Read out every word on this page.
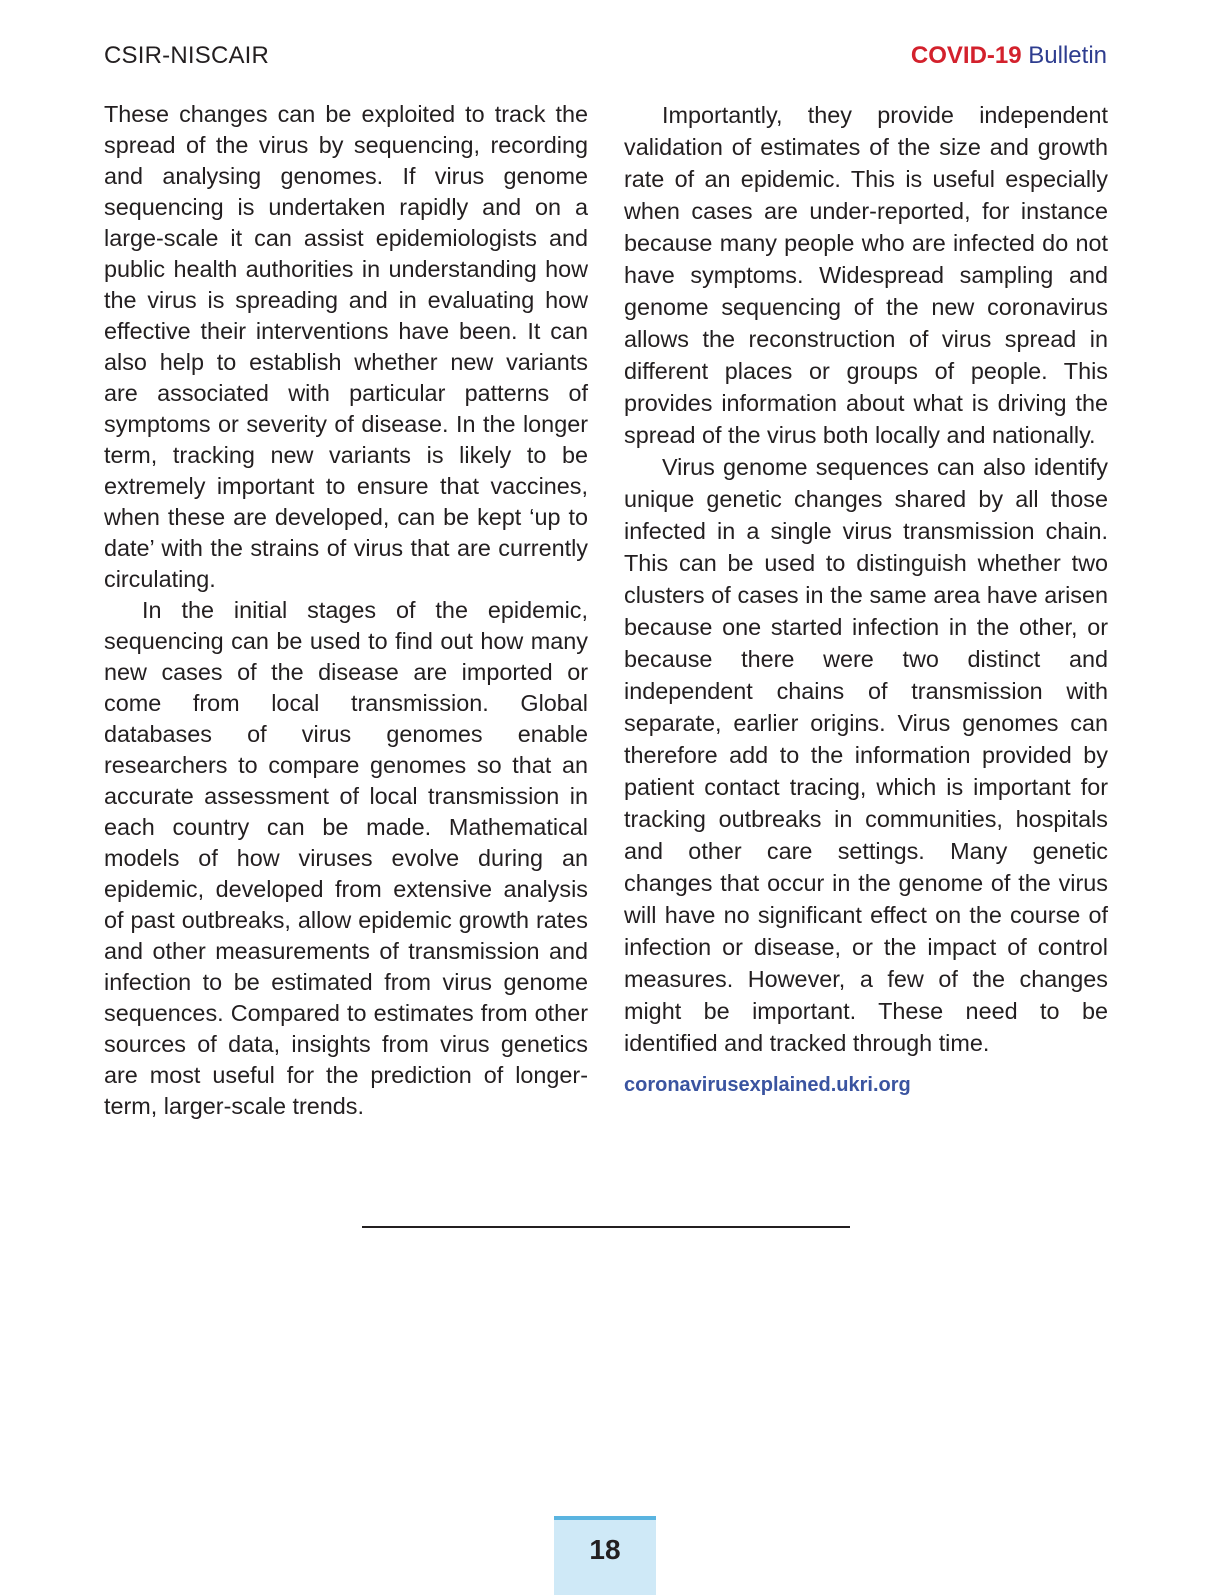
CSIR-NISCAIR	COVID-19 Bulletin

These changes can be exploited to track the spread of the virus by sequencing, recording and analysing genomes. If virus genome sequencing is undertaken rapidly and on a large-scale it can assist epidemiologists and public health authorities in understanding how the virus is spreading and in evaluating how effective their interventions have been. It can also help to establish whether new variants are associated with particular patterns of symptoms or severity of disease. In the longer term, tracking new variants is likely to be extremely important to ensure that vaccines, when these are developed, can be kept ‘up to date’ with the strains of virus that are currently circulating.

In the initial stages of the epidemic, sequencing can be used to find out how many new cases of the disease are imported or come from local transmission. Global databases of virus genomes enable researchers to compare genomes so that an accurate assessment of local transmission in each country can be made. Mathematical models of how viruses evolve during an epidemic, developed from extensive analysis of past outbreaks, allow epidemic growth rates and other measurements of transmission and infection to be estimated from virus genome sequences. Compared to estimates from other sources of data, insights from virus genetics are most useful for the prediction of longer-term, larger-scale trends.

Importantly, they provide independent validation of estimates of the size and growth rate of an epidemic. This is useful especially when cases are under-reported, for instance because many people who are infected do not have symptoms. Widespread sampling and genome sequencing of the new coronavirus allows the reconstruction of virus spread in different places or groups of people. This provides information about what is driving the spread of the virus both locally and nationally.

Virus genome sequences can also identify unique genetic changes shared by all those infected in a single virus transmission chain. This can be used to distinguish whether two clusters of cases in the same area have arisen because one started infection in the other, or because there were two distinct and independent chains of transmission with separate, earlier origins. Virus genomes can therefore add to the information provided by patient contact tracing, which is important for tracking outbreaks in communities, hospitals and other care settings. Many genetic changes that occur in the genome of the virus will have no significant effect on the course of infection or disease, or the impact of control measures. However, a few of the changes might be important. These need to be identified and tracked through time.

coronavirusexplained.ukri.org
18
